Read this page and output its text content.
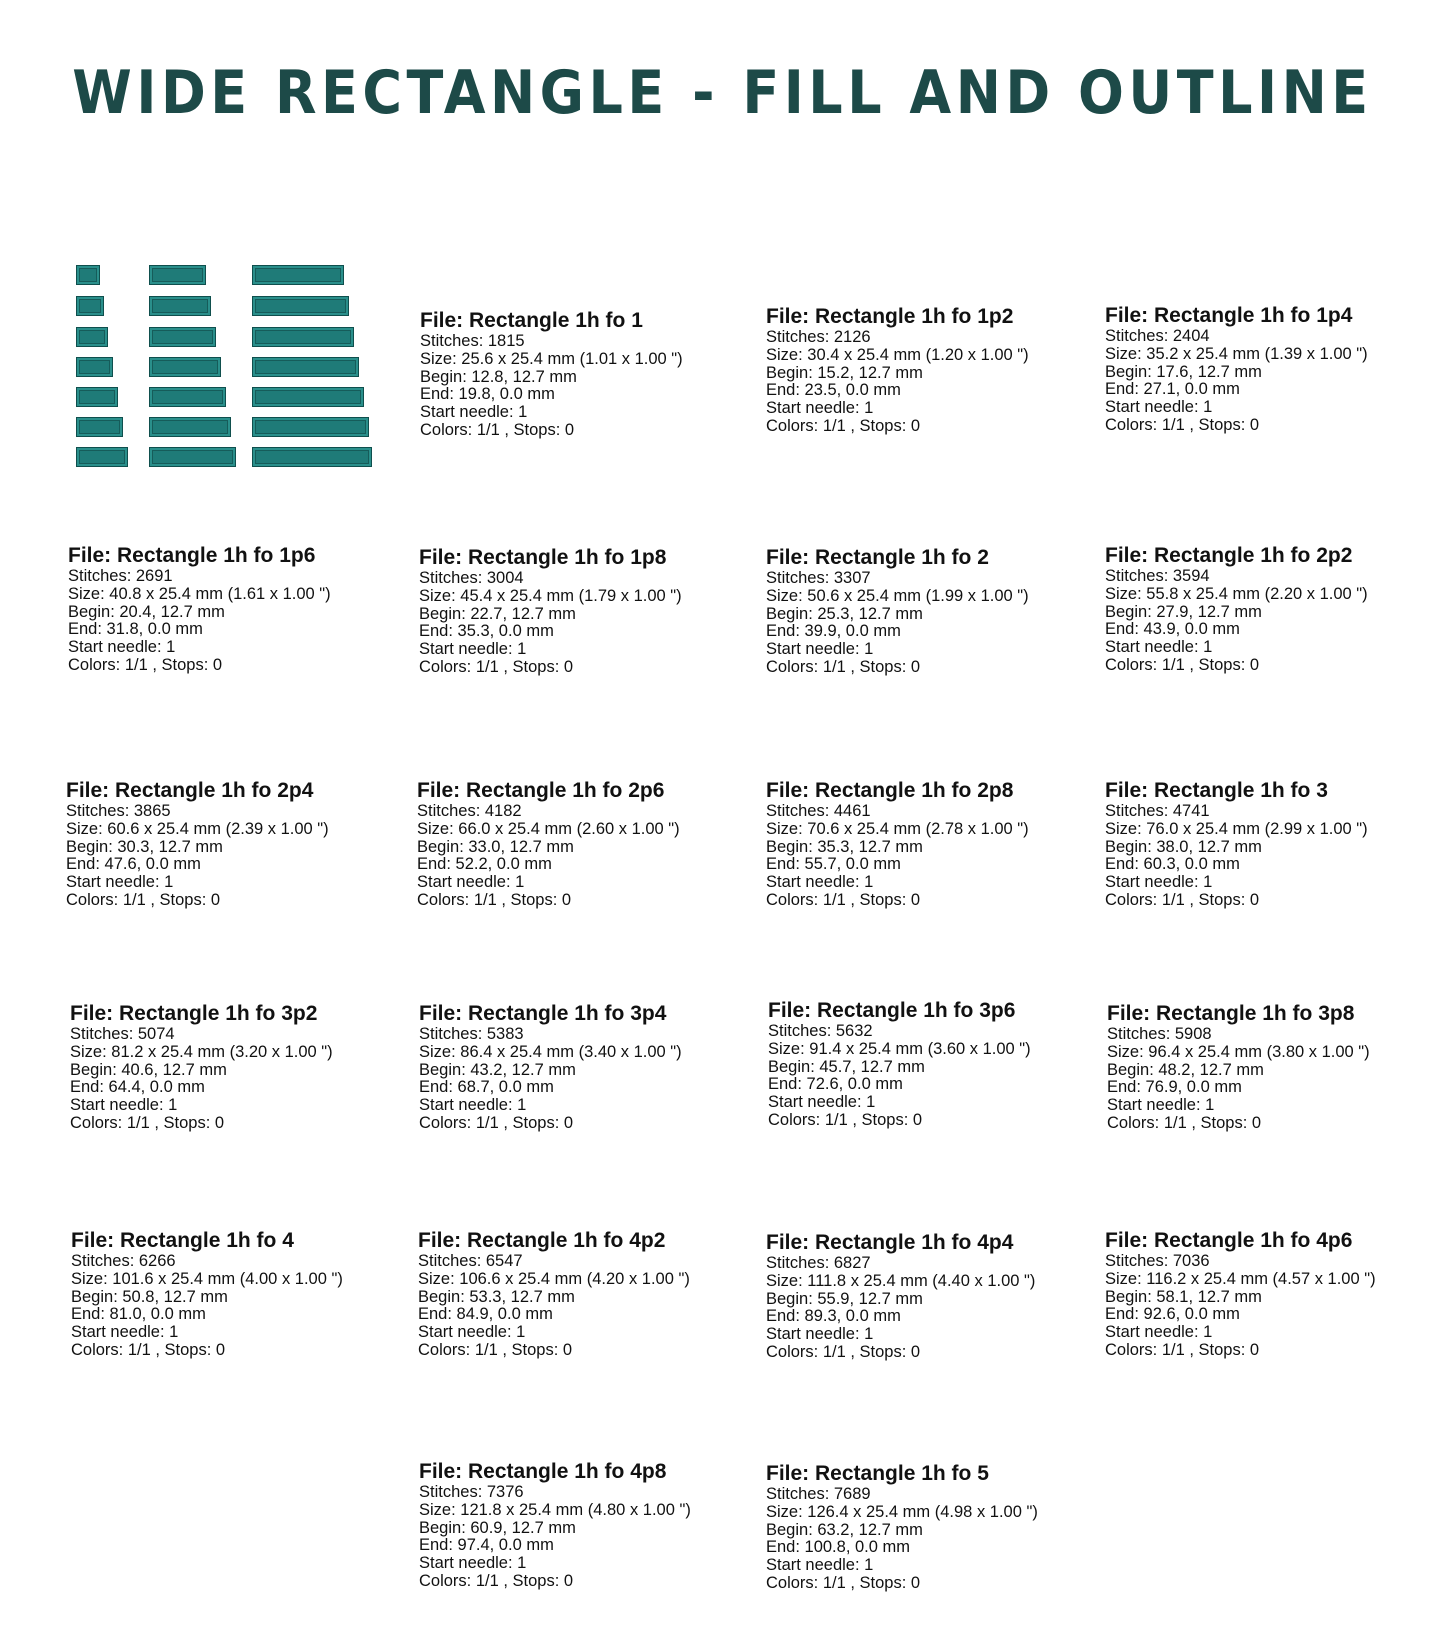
WIDE RECTANGLE - FILL AND OUTLINE
File: Rectangle 1h fo 1
Stitches: 1815
Size: 25.6 x 25.4 mm (1.01 x 1.00 ")
Begin: 12.8, 12.7 mm
End: 19.8, 0.0 mm
Start needle: 1
Colors: 1/1 , Stops: 0
File: Rectangle 1h fo 1p2
Stitches: 2126
Size: 30.4 x 25.4 mm (1.20 x 1.00 ")
Begin: 15.2, 12.7 mm
End: 23.5, 0.0 mm
Start needle: 1
Colors: 1/1 , Stops: 0
File: Rectangle 1h fo 1p4
Stitches: 2404
Size: 35.2 x 25.4 mm (1.39 x 1.00 ")
Begin: 17.6, 12.7 mm
End: 27.1, 0.0 mm
Start needle: 1
Colors: 1/1 , Stops: 0
File: Rectangle 1h fo 1p6
Stitches: 2691
Size: 40.8 x 25.4 mm (1.61 x 1.00 ")
Begin: 20.4, 12.7 mm
End: 31.8, 0.0 mm
Start needle: 1
Colors: 1/1 , Stops: 0
File: Rectangle 1h fo 1p8
Stitches: 3004
Size: 45.4 x 25.4 mm (1.79 x 1.00 ")
Begin: 22.7, 12.7 mm
End: 35.3, 0.0 mm
Start needle: 1
Colors: 1/1 , Stops: 0
File: Rectangle 1h fo 2
Stitches: 3307
Size: 50.6 x 25.4 mm (1.99 x 1.00 ")
Begin: 25.3, 12.7 mm
End: 39.9, 0.0 mm
Start needle: 1
Colors: 1/1 , Stops: 0
File: Rectangle 1h fo 2p2
Stitches: 3594
Size: 55.8 x 25.4 mm (2.20 x 1.00 ")
Begin: 27.9, 12.7 mm
End: 43.9, 0.0 mm
Start needle: 1
Colors: 1/1 , Stops: 0
File: Rectangle 1h fo 2p4
Stitches: 3865
Size: 60.6 x 25.4 mm (2.39 x 1.00 ")
Begin: 30.3, 12.7 mm
End: 47.6, 0.0 mm
Start needle: 1
Colors: 1/1 , Stops: 0
File: Rectangle 1h fo 2p6
Stitches: 4182
Size: 66.0 x 25.4 mm (2.60 x 1.00 ")
Begin: 33.0, 12.7 mm
End: 52.2, 0.0 mm
Start needle: 1
Colors: 1/1 , Stops: 0
File: Rectangle 1h fo 2p8
Stitches: 4461
Size: 70.6 x 25.4 mm (2.78 x 1.00 ")
Begin: 35.3, 12.7 mm
End: 55.7, 0.0 mm
Start needle: 1
Colors: 1/1 , Stops: 0
File: Rectangle 1h fo 3
Stitches: 4741
Size: 76.0 x 25.4 mm (2.99 x 1.00 ")
Begin: 38.0, 12.7 mm
End: 60.3, 0.0 mm
Start needle: 1
Colors: 1/1 , Stops: 0
File: Rectangle 1h fo 3p2
Stitches: 5074
Size: 81.2 x 25.4 mm (3.20 x 1.00 ")
Begin: 40.6, 12.7 mm
End: 64.4, 0.0 mm
Start needle: 1
Colors: 1/1 , Stops: 0
File: Rectangle 1h fo 3p4
Stitches: 5383
Size: 86.4 x 25.4 mm (3.40 x 1.00 ")
Begin: 43.2, 12.7 mm
End: 68.7, 0.0 mm
Start needle: 1
Colors: 1/1 , Stops: 0
File: Rectangle 1h fo 3p6
Stitches: 5632
Size: 91.4 x 25.4 mm (3.60 x 1.00 ")
Begin: 45.7, 12.7 mm
End: 72.6, 0.0 mm
Start needle: 1
Colors: 1/1 , Stops: 0
File: Rectangle 1h fo 3p8
Stitches: 5908
Size: 96.4 x 25.4 mm (3.80 x 1.00 ")
Begin: 48.2, 12.7 mm
End: 76.9, 0.0 mm
Start needle: 1
Colors: 1/1 , Stops: 0
File: Rectangle 1h fo 4
Stitches: 6266
Size: 101.6 x 25.4 mm (4.00 x 1.00 ")
Begin: 50.8, 12.7 mm
End: 81.0, 0.0 mm
Start needle: 1
Colors: 1/1 , Stops: 0
File: Rectangle 1h fo 4p2
Stitches: 6547
Size: 106.6 x 25.4 mm (4.20 x 1.00 ")
Begin: 53.3, 12.7 mm
End: 84.9, 0.0 mm
Start needle: 1
Colors: 1/1 , Stops: 0
File: Rectangle 1h fo 4p4
Stitches: 6827
Size: 111.8 x 25.4 mm (4.40 x 1.00 ")
Begin: 55.9, 12.7 mm
End: 89.3, 0.0 mm
Start needle: 1
Colors: 1/1 , Stops: 0
File: Rectangle 1h fo 4p6
Stitches: 7036
Size: 116.2 x 25.4 mm (4.57 x 1.00 ")
Begin: 58.1, 12.7 mm
End: 92.6, 0.0 mm
Start needle: 1
Colors: 1/1 , Stops: 0
File: Rectangle 1h fo 4p8
Stitches: 7376
Size: 121.8 x 25.4 mm (4.80 x 1.00 ")
Begin: 60.9, 12.7 mm
End: 97.4, 0.0 mm
Start needle: 1
Colors: 1/1 , Stops: 0
File: Rectangle 1h fo 5
Stitches: 7689
Size: 126.4 x 25.4 mm (4.98 x 1.00 ")
Begin: 63.2, 12.7 mm
End: 100.8, 0.0 mm
Start needle: 1
Colors: 1/1 , Stops: 0
